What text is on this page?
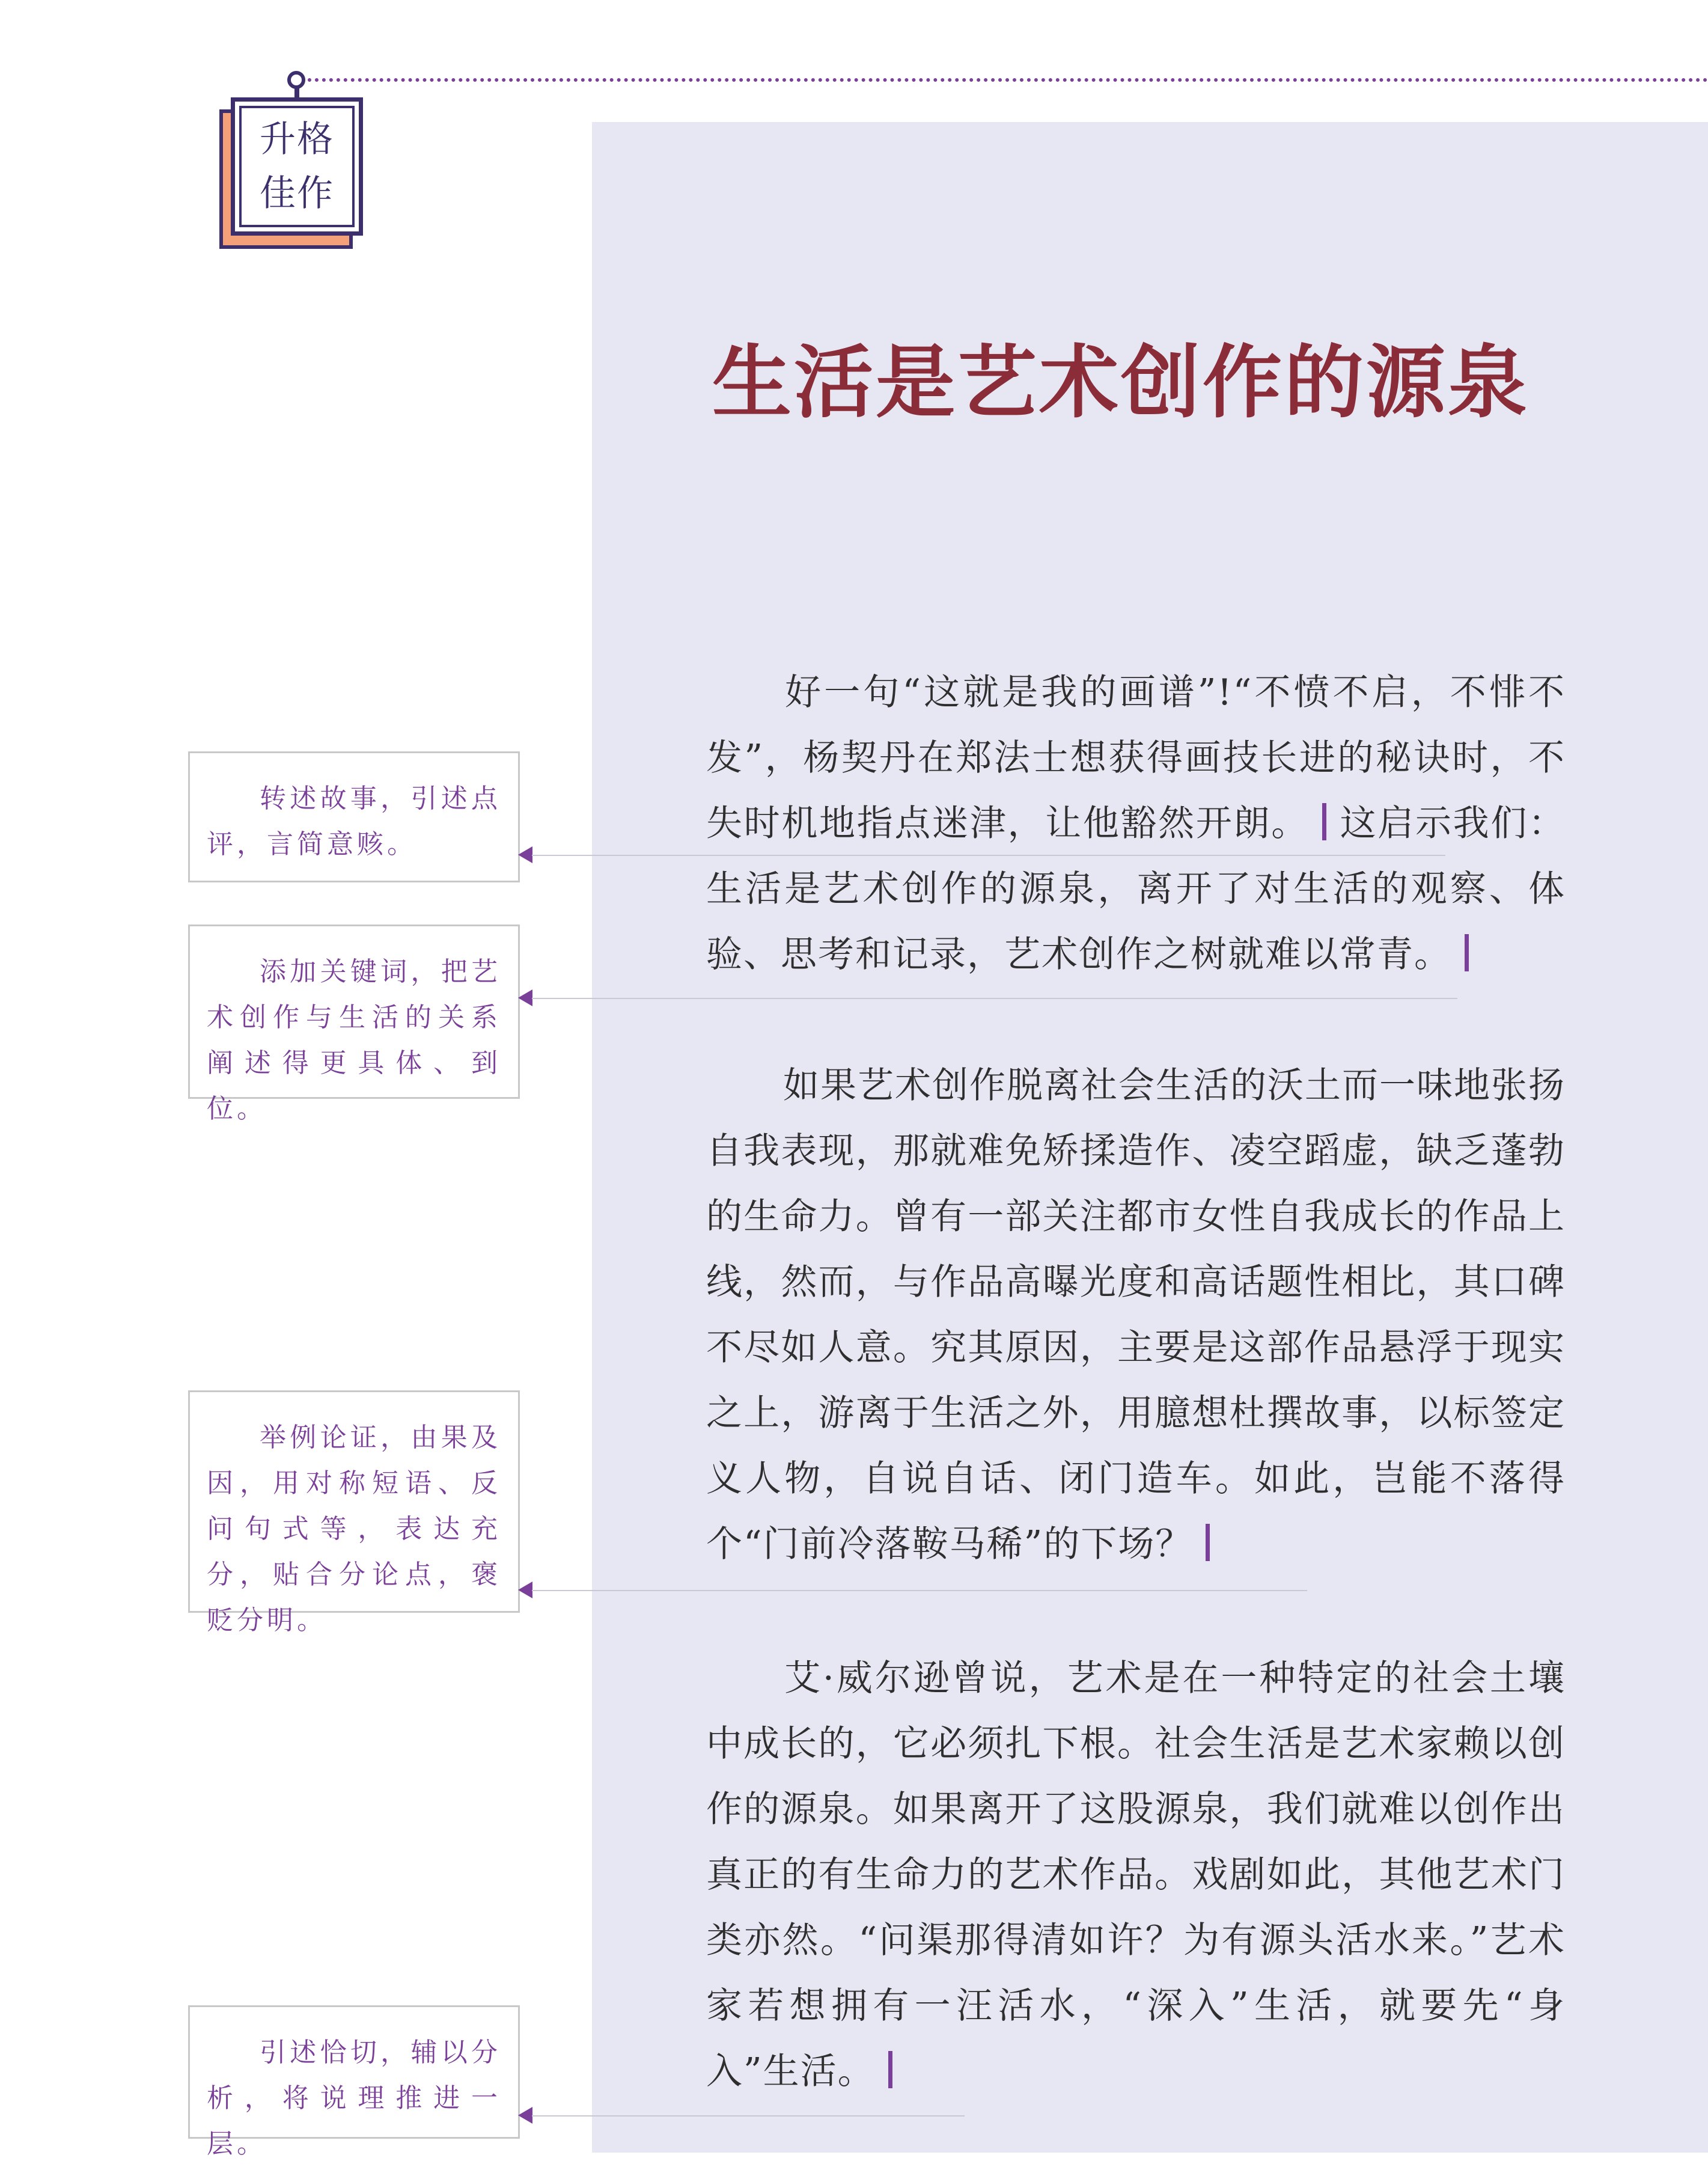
升格
佳作
生活是艺术创作的源泉
好一句“这就是我的画谱”!“不愤不启，不悱不发”，杨契丹在郑法士想获得画技长进的秘诀时，不失时机地指点迷津，让他豁然开朗。 这启示我们：生活是艺术创作的源泉，离开了对生活的观察、体验、思考和记录，艺术创作之树就难以常青。
如果艺术创作脱离社会生活的沃土而一味地张扬自我表现，那就难免矫揉造作、凌空蹈虚，缺乏蓬勃的生命力。曾有一部关注都市女性自我成长的作品上线，然而，与作品高曝光度和高话题性相比，其口碑不尽如人意。究其原因，主要是这部作品悬浮于现实之上，游离于生活之外，用臆想杜撰故事，以标签定义人物，自说自话、闭门造车。如此，岂能不落得个“门前冷落鞍马稀”的下场？
艾·威尔逊曾说，艺术是在一种特定的社会土壤中成长的，它必须扎下根。社会生活是艺术家赖以创作的源泉。如果离开了这股源泉，我们就难以创作出真正的有生命力的艺术作品。戏剧如此，其他艺术门类亦然。“问渠那得清如许？为有源头活水来。”艺术家若想拥有一汪活水，“深入”生活，就要先“身入”生活。
转述故事，引述点评，言简意赅。
添加关键词，把艺术创作与生活的关系阐述得更具体、到位。
举例论证，由果及因，用对称短语、反问句式等，表达充分，贴合分论点，褒贬分明。
引述恰切，辅以分析，将说理推进一层。
